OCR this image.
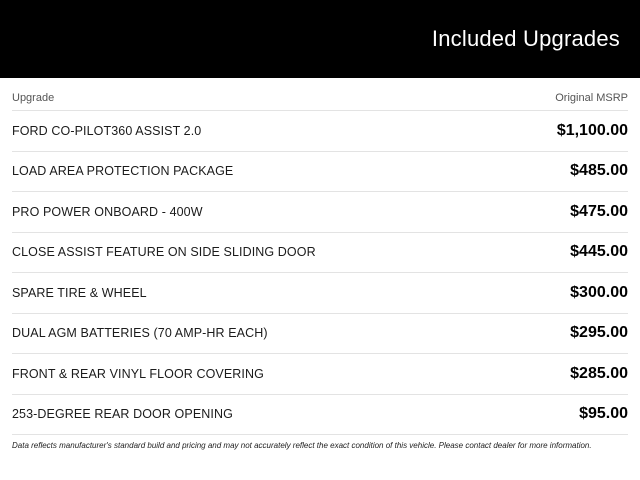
Included Upgrades
Upgrade	Original MSRP
FORD CO-PILOT360 ASSIST 2.0	$1,100.00
LOAD AREA PROTECTION PACKAGE	$485.00
PRO POWER ONBOARD - 400W	$475.00
CLOSE ASSIST FEATURE ON SIDE SLIDING DOOR	$445.00
SPARE TIRE & WHEEL	$300.00
DUAL AGM BATTERIES (70 AMP-HR EACH)	$295.00
FRONT & REAR VINYL FLOOR COVERING	$285.00
253-DEGREE REAR DOOR OPENING	$95.00
Data reflects manufacturer's standard build and pricing and may not accurately reflect the exact condition of this vehicle. Please contact dealer for more information.
